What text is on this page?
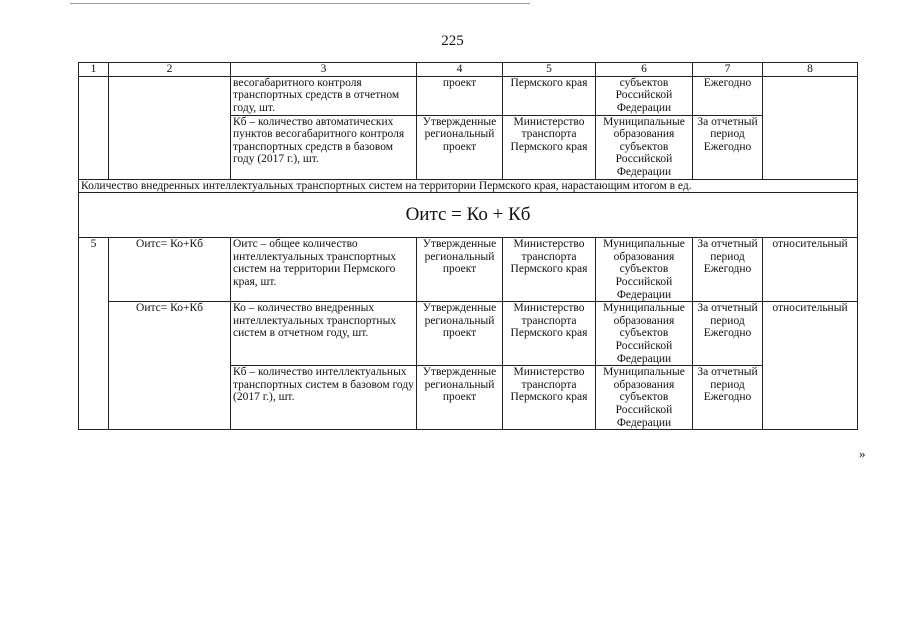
225
1	2	3	4	5	6	7	8
		весогабаритного контроля транспортных средств в отчетном году, шт.	проект	Пермского края	субъектов Российской Федерации	Ежегодно	
		Кб – количество автоматических пунктов весогабаритного контроля транспортных средств в базовом году (2017 г.), шт.	Утвержденные региональный проект	Министерство транспорта Пермского края	Муниципальные образования субъектов Российской Федерации	За отчетный период Ежегодно	
Количество внедренных интеллектуальных транспортных систем на территории Пермского края, нарастающим итогом в ед.							
Оитс = Ко + Кб							
5	Оитс= Ко+Кб	Оитс – общее количество интеллектуальных транспортных систем на территории Пермского края, шт.	Утвержденные региональный проект	Министерство транспорта Пермского края	Муниципальные образования субъектов Российской Федерации	За отчетный период Ежегодно	относительный
	Оитс= Ко+Кб	Ко – количество внедренных интеллектуальных транспортных систем в отчетном году, шт.	Утвержденные региональный проект	Министерство транспорта Пермского края	Муниципальные образования субъектов Российской Федерации	За отчетный период Ежегодно	относительный
		Кб – количество интеллектуальных транспортных систем в базовом году (2017 г.), шт.	Утвержденные региональный проект	Министерство транспорта Пермского края	Муниципальные образования субъектов Российской Федерации	За отчетный период Ежегодно	
»
